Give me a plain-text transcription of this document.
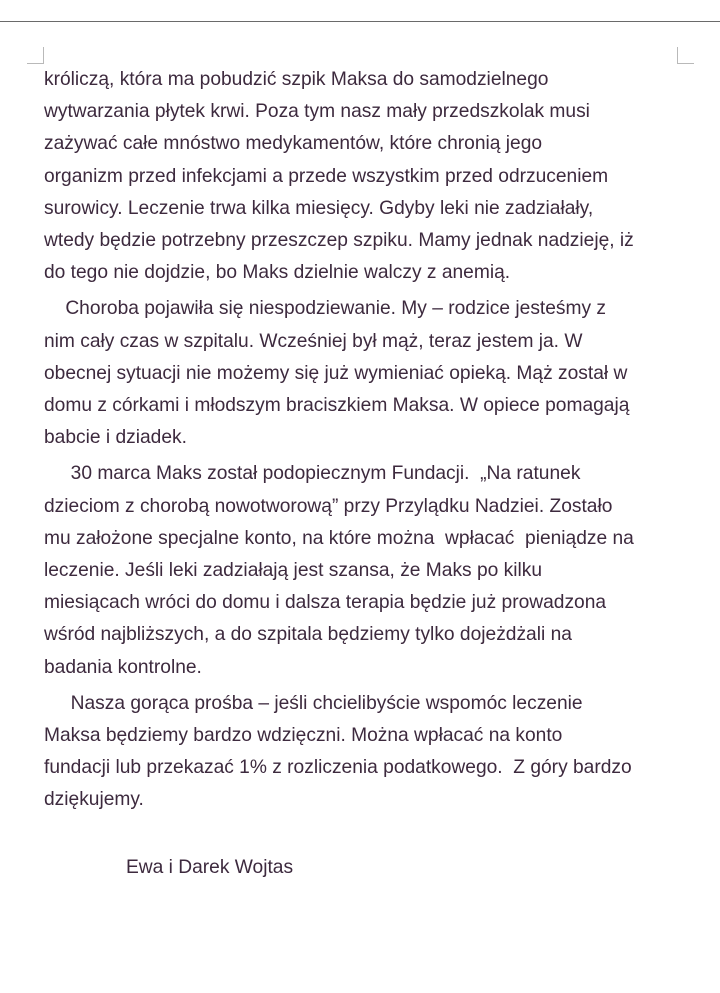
króliczą, która ma pobudzić szpik Maksa do samodzielnego
wytwarzania płytek krwi. Poza tym nasz mały przedszkolak musi
zażywać całe mnóstwo medykamentów, które chronią jego
organizm przed infekcjami a przede wszystkim przed odrzuceniem
surowicy. Leczenie trwa kilka miesięcy. Gdyby leki nie zadziałały,
wtedy będzie potrzebny przeszczep szpiku. Mamy jednak nadzieję, iż
do tego nie dojdzie, bo Maks dzielnie walczy z anemią.

Choroba pojawiła się niespodziewanie. My – rodzice jesteśmy z
nim cały czas w szpitalu. Wcześniej był mąż, teraz jestem ja. W
obecnej sytuacji nie możemy się już wymieniać opieką. Mąż został w
domu z córkami i młodszym braciszkiem Maksa. W opiece pomagają
babcie i dziadek.

30 marca Maks został podopiecznym Fundacji.  „Na ratunek
dzieciom z chorobą nowotworową” przy Przylądku Nadziei. Zostało
mu założone specjalne konto, na które można  wpłacać  pieniądze na
leczenie. Jeśli leki zadziałają jest szansa, że Maks po kilku
miesiącach wróci do domu i dalsza terapia będzie już prowadzona
wśród najbliższych, a do szpitala będziemy tylko dojeżdżali na
badania kontrolne.

Nasza gorąca prośba – jeśli chcielibyście wspomóc leczenie
Maksa będziemy bardzo wdzięczni. Można wpłacać na konto
fundacji lub przekazać 1% z rozliczenia podatkowego.  Z góry bardzo
dziękujemy.

Ewa i Darek Wojtas
